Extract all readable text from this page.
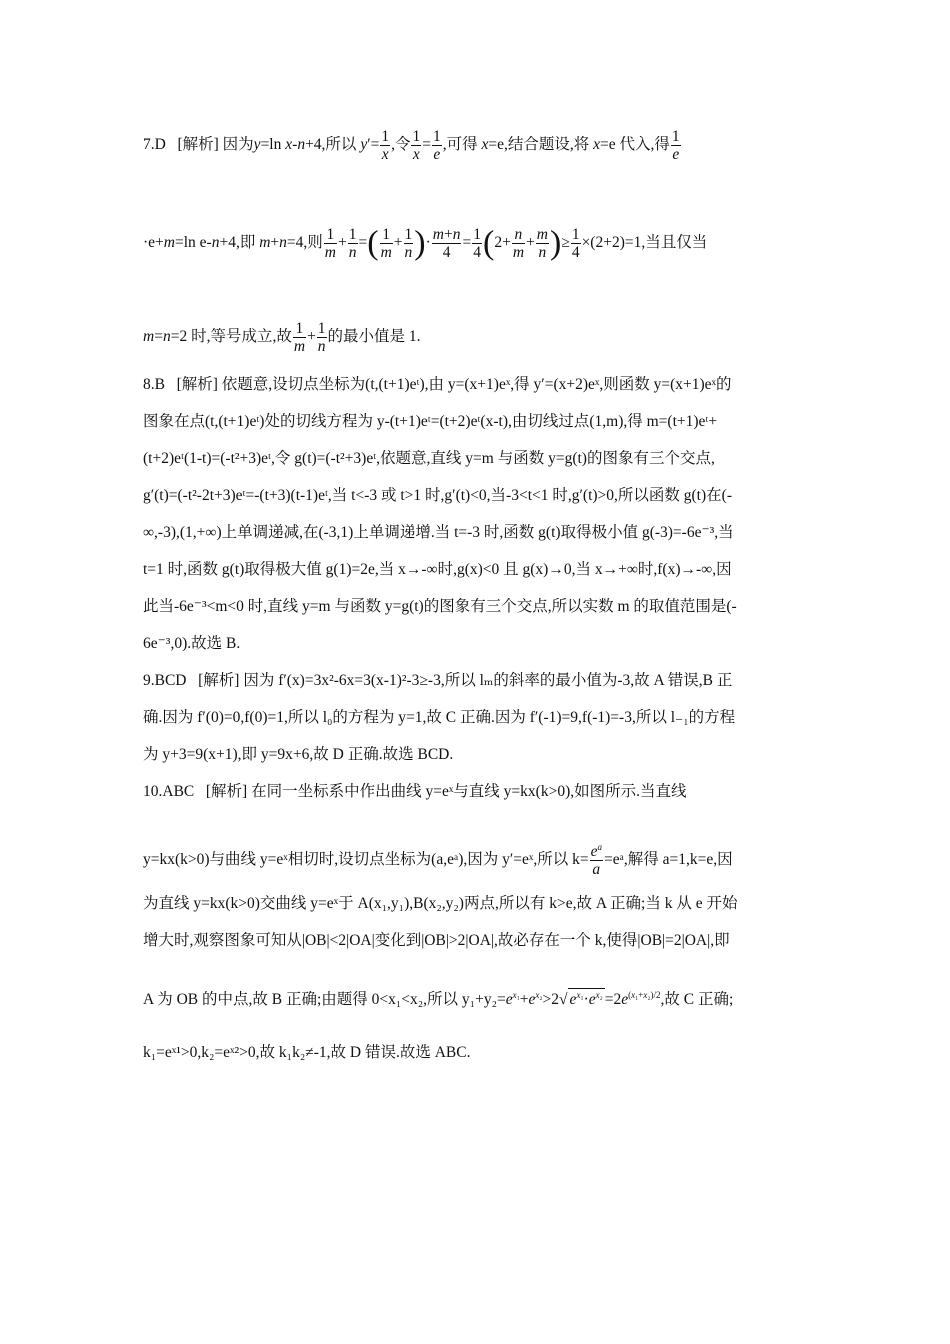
7.D [解析] 因为y=ln x-n+4,所以 $y'= \frac{1}{x}$ ,令 $\frac{1}{x} = \frac{1}{e}$ ,可得 x=e,结合题设,将 x=e 代入,得 $\frac{1}{e}$
·e+m=ln e-n+4,即 m+n=4,则 $\frac{1}{m} + \frac{1}{n}$ =( $\frac{1}{m} + \frac{1}{n}$ )· $\frac{m+n}{4} = \frac{1}{4} (2+ \frac{n}{m} + \frac{m}{n}$ )≥ $\frac{1}{4} \times(2+2)=1$,当且仅当
m=n=2 时,等号成立,故 $\frac{1}{m} + \frac{1}{n}$ 的最小值是 1.
8.B [解析] 依题意,设切点坐标为(t,(t+1)eᵗ),由 y=(x+1)eˣ,得 y′=(x+2)eˣ,则函数 y=(x+1)eˣ的
图象在点(t,(t+1)eᵗ)处的切线方程为 y-(t+1)eᵗ=(t+2)eᵗ(x-t),由切线过点(1,m),得 m=(t+1)eᵗ+
(t+2)eᵗ(1-t)=(-t²+3)eᵗ,令 g(t)=(-t²+3)eᵗ,依题意,直线 y=m 与函数 y=g(t)的图象有三个交点,
g′(t)=(-t²-2t+3)eᵗ=-(t+3)(t-1)eᵗ,当 t<-3 或 t>1 时,g′(t)<0,当-3<t<1 时,g′(t)>0,所以函数 g(t)在(-
∞,-3),(1,+∞)上单调递减,在(-3,1)上单调递增.当 t=-3 时,函数 g(t)取得极小值 g(-3)=-6e⁻³,当
t=1 时,函数 g(t)取得极大值 g(1)=2e,当 x→-∞时,g(x)<0 且 g(x)→0,当 x→+∞时,f(x)→-∞,因
此当-6e⁻³<m<0 时,直线 y=m 与函数 y=g(t)的图象有三个交点,所以实数 m 的取值范围是(-
6e⁻³,0).故选 B.
9.BCD [解析] 因为 f′(x)=3x²-6x=3(x-1)²-3≥-3,所以 lₘ的斜率的最小值为-3,故 A 错误,B 正
确.因为 f′(0)=0,f(0)=1,所以 l₀的方程为 y=1,故 C 正确.因为 f′(-1)=9,f(-1)=-3,所以 l₋₁的方程
为 y+3=9(x+1),即 y=9x+6,故 D 正确.故选 BCD.
10.ABC [解析] 在同一坐标系中作出曲线 y=eˣ与直线 y=kx(k>0),如图所示.当直线
y=kx(k>0)与曲线 y=eˣ相切时,设切点坐标为(a,eᵃ),因为 y′=eˣ,所以 $k= \frac{e^a}{a}$ =eᵃ,解得 a=1,k=e,因
为直线 y=kx(k>0)交曲线 y=eˣ于 A(x₁,y₁),B(x₂,y₂)两点,所以有 k>e,故 A 正确;当 k 从 e 开始
增大时,观察图象可知从|OB|<2|OA|变化到|OB|>2|OA|,故必存在一个 k,使得|OB|=2|OA|,即
A 为 OB 的中点,故 B 正确;由题得 0<x₁<x₂,所以 $y_1+y_2=e^{x_1}+e^{x_2}>2√$ $e^{x_1}\cdot e^{x_2} =2e^{(x_1+x_2)/2}$,故 C 正确;
k₁=eˣ¹>0,k₂=eˣ²>0,故 k₁k₂≠-1,故 D 错误.故选 ABC.
